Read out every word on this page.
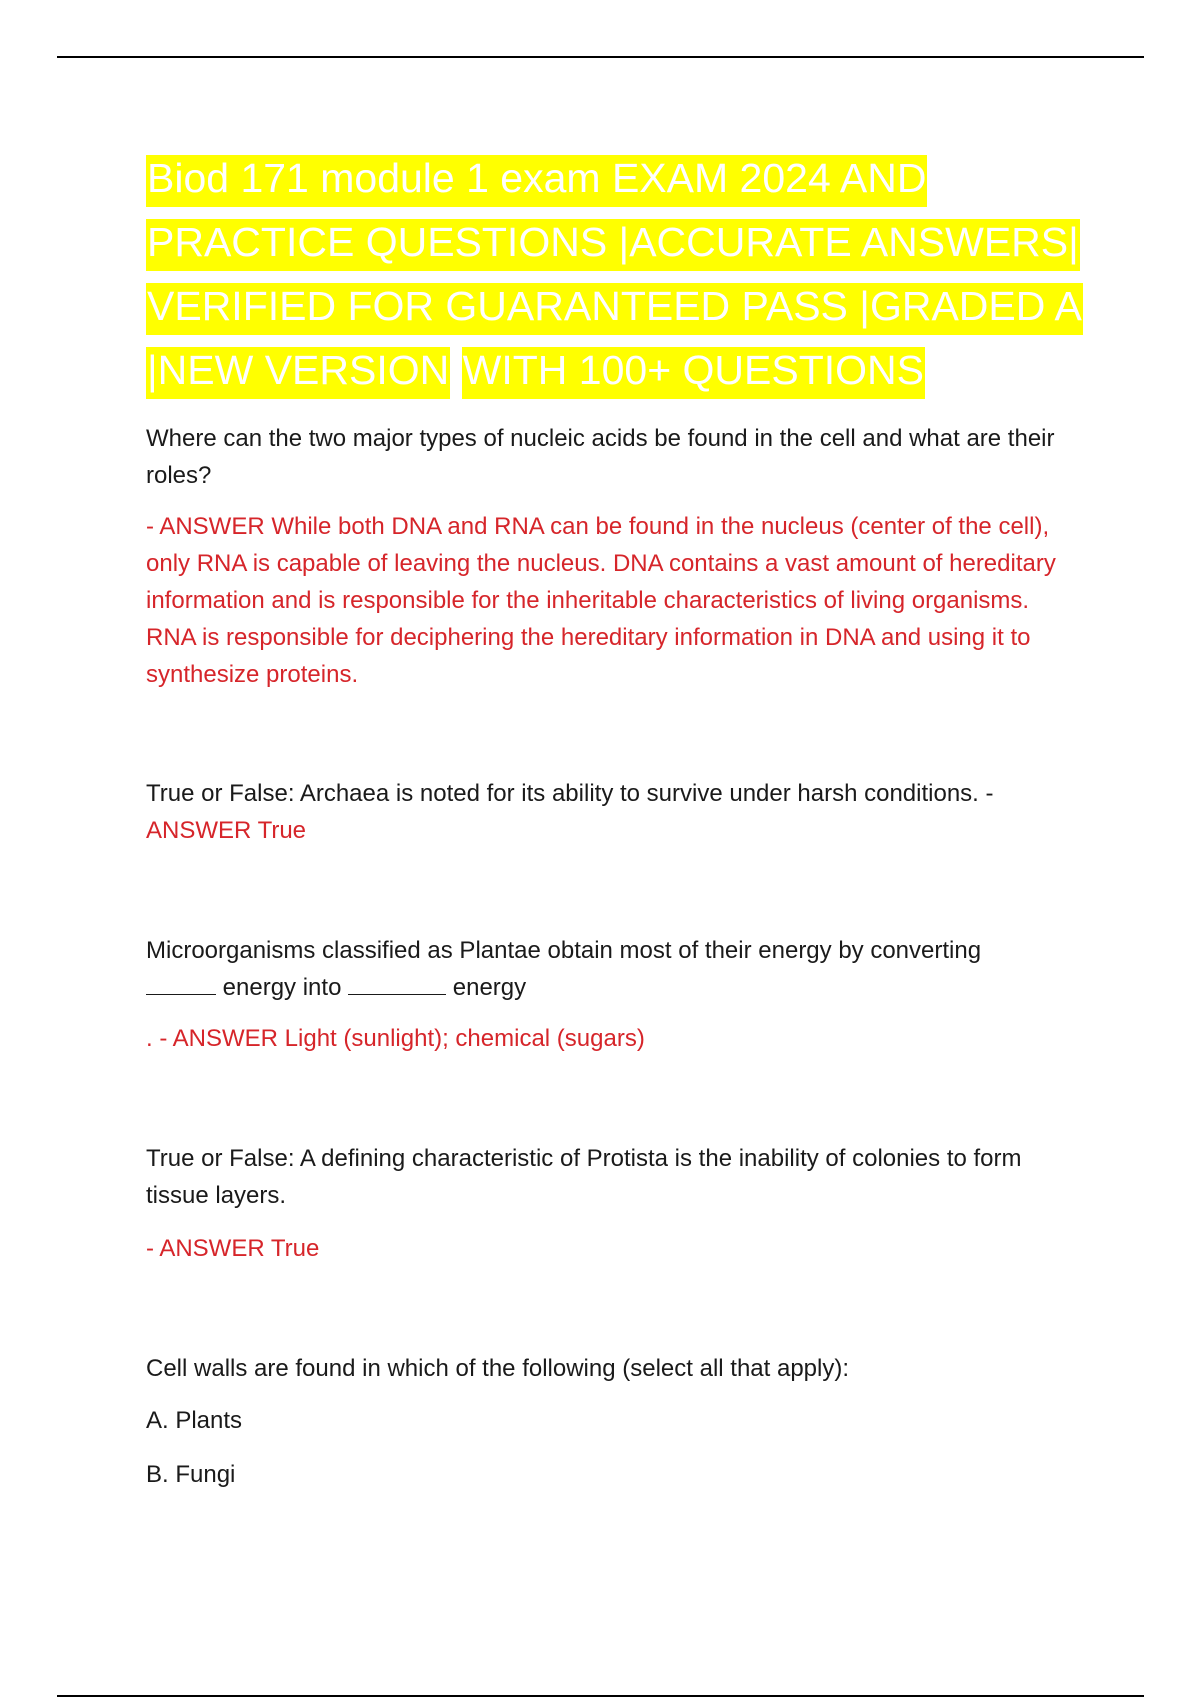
Biod 171 module 1 exam EXAM 2024 AND
PRACTICE QUESTIONS |ACCURATE ANSWERS|
VERIFIED FOR GUARANTEED PASS |GRADED A
|NEW VERSION WITH 100+ QUESTIONS

Where can the two major types of nucleic acids be found in the cell and what are their roles?

- ANSWER While both DNA and RNA can be found in the nucleus (center of the cell), only RNA is capable of leaving the nucleus. DNA contains a vast amount of hereditary information and is responsible for the inheritable characteristics of living organisms. RNA is responsible for deciphering the hereditary information in DNA and using it to synthesize proteins.

True or False: Archaea is noted for its ability to survive under harsh conditions. -
ANSWER True

Microorganisms classified as Plantae obtain most of their energy by converting
energy into	energy

. - ANSWER Light (sunlight); chemical (sugars)

True or False: A defining characteristic of Protista is the inability of colonies to form tissue layers.

- ANSWER True

Cell walls are found in which of the following (select all that apply):

A. Plants

B. Fungi
